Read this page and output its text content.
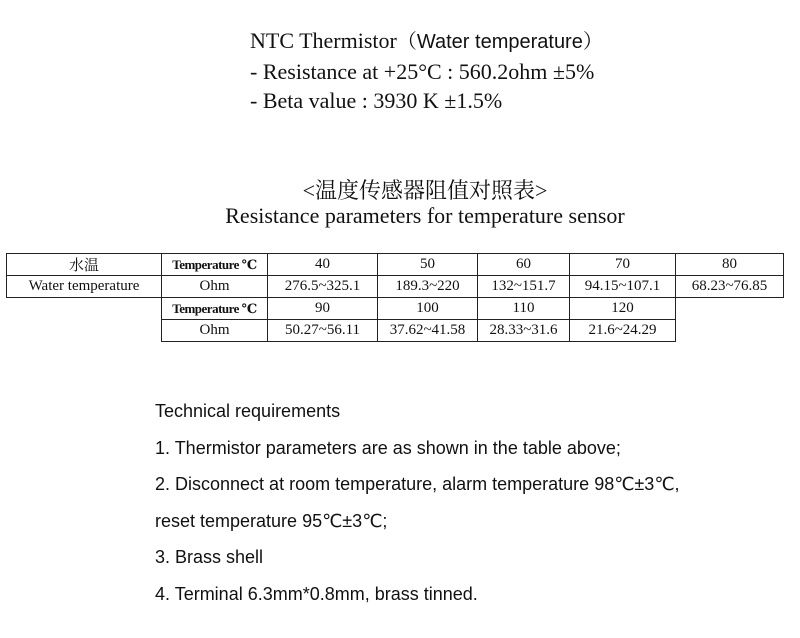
NTC Thermistor（Water temperature）
- Resistance at +25°C : 560.2ohm ±5%
- Beta value : 3930 K ±1.5%
<温度传感器阻值对照表>
Resistance parameters for temperature sensor
水温	Temperature ℃	40	50	60	70	80
Water temperature	Ohm	276.5~325.1	189.3~220	132~151.7	94.15~107.1	68.23~76.85
	Temperature ℃	90	100	110	120	
	Ohm	50.27~56.11	37.62~41.58	28.33~31.6	21.6~24.29	
Technical requirements
1. Thermistor parameters are as shown in the table above;
2. Disconnect at room temperature, alarm temperature 98℃±3℃,
reset temperature 95℃±3℃;
3. Brass shell
4. Terminal 6.3mm*0.8mm, brass tinned.
